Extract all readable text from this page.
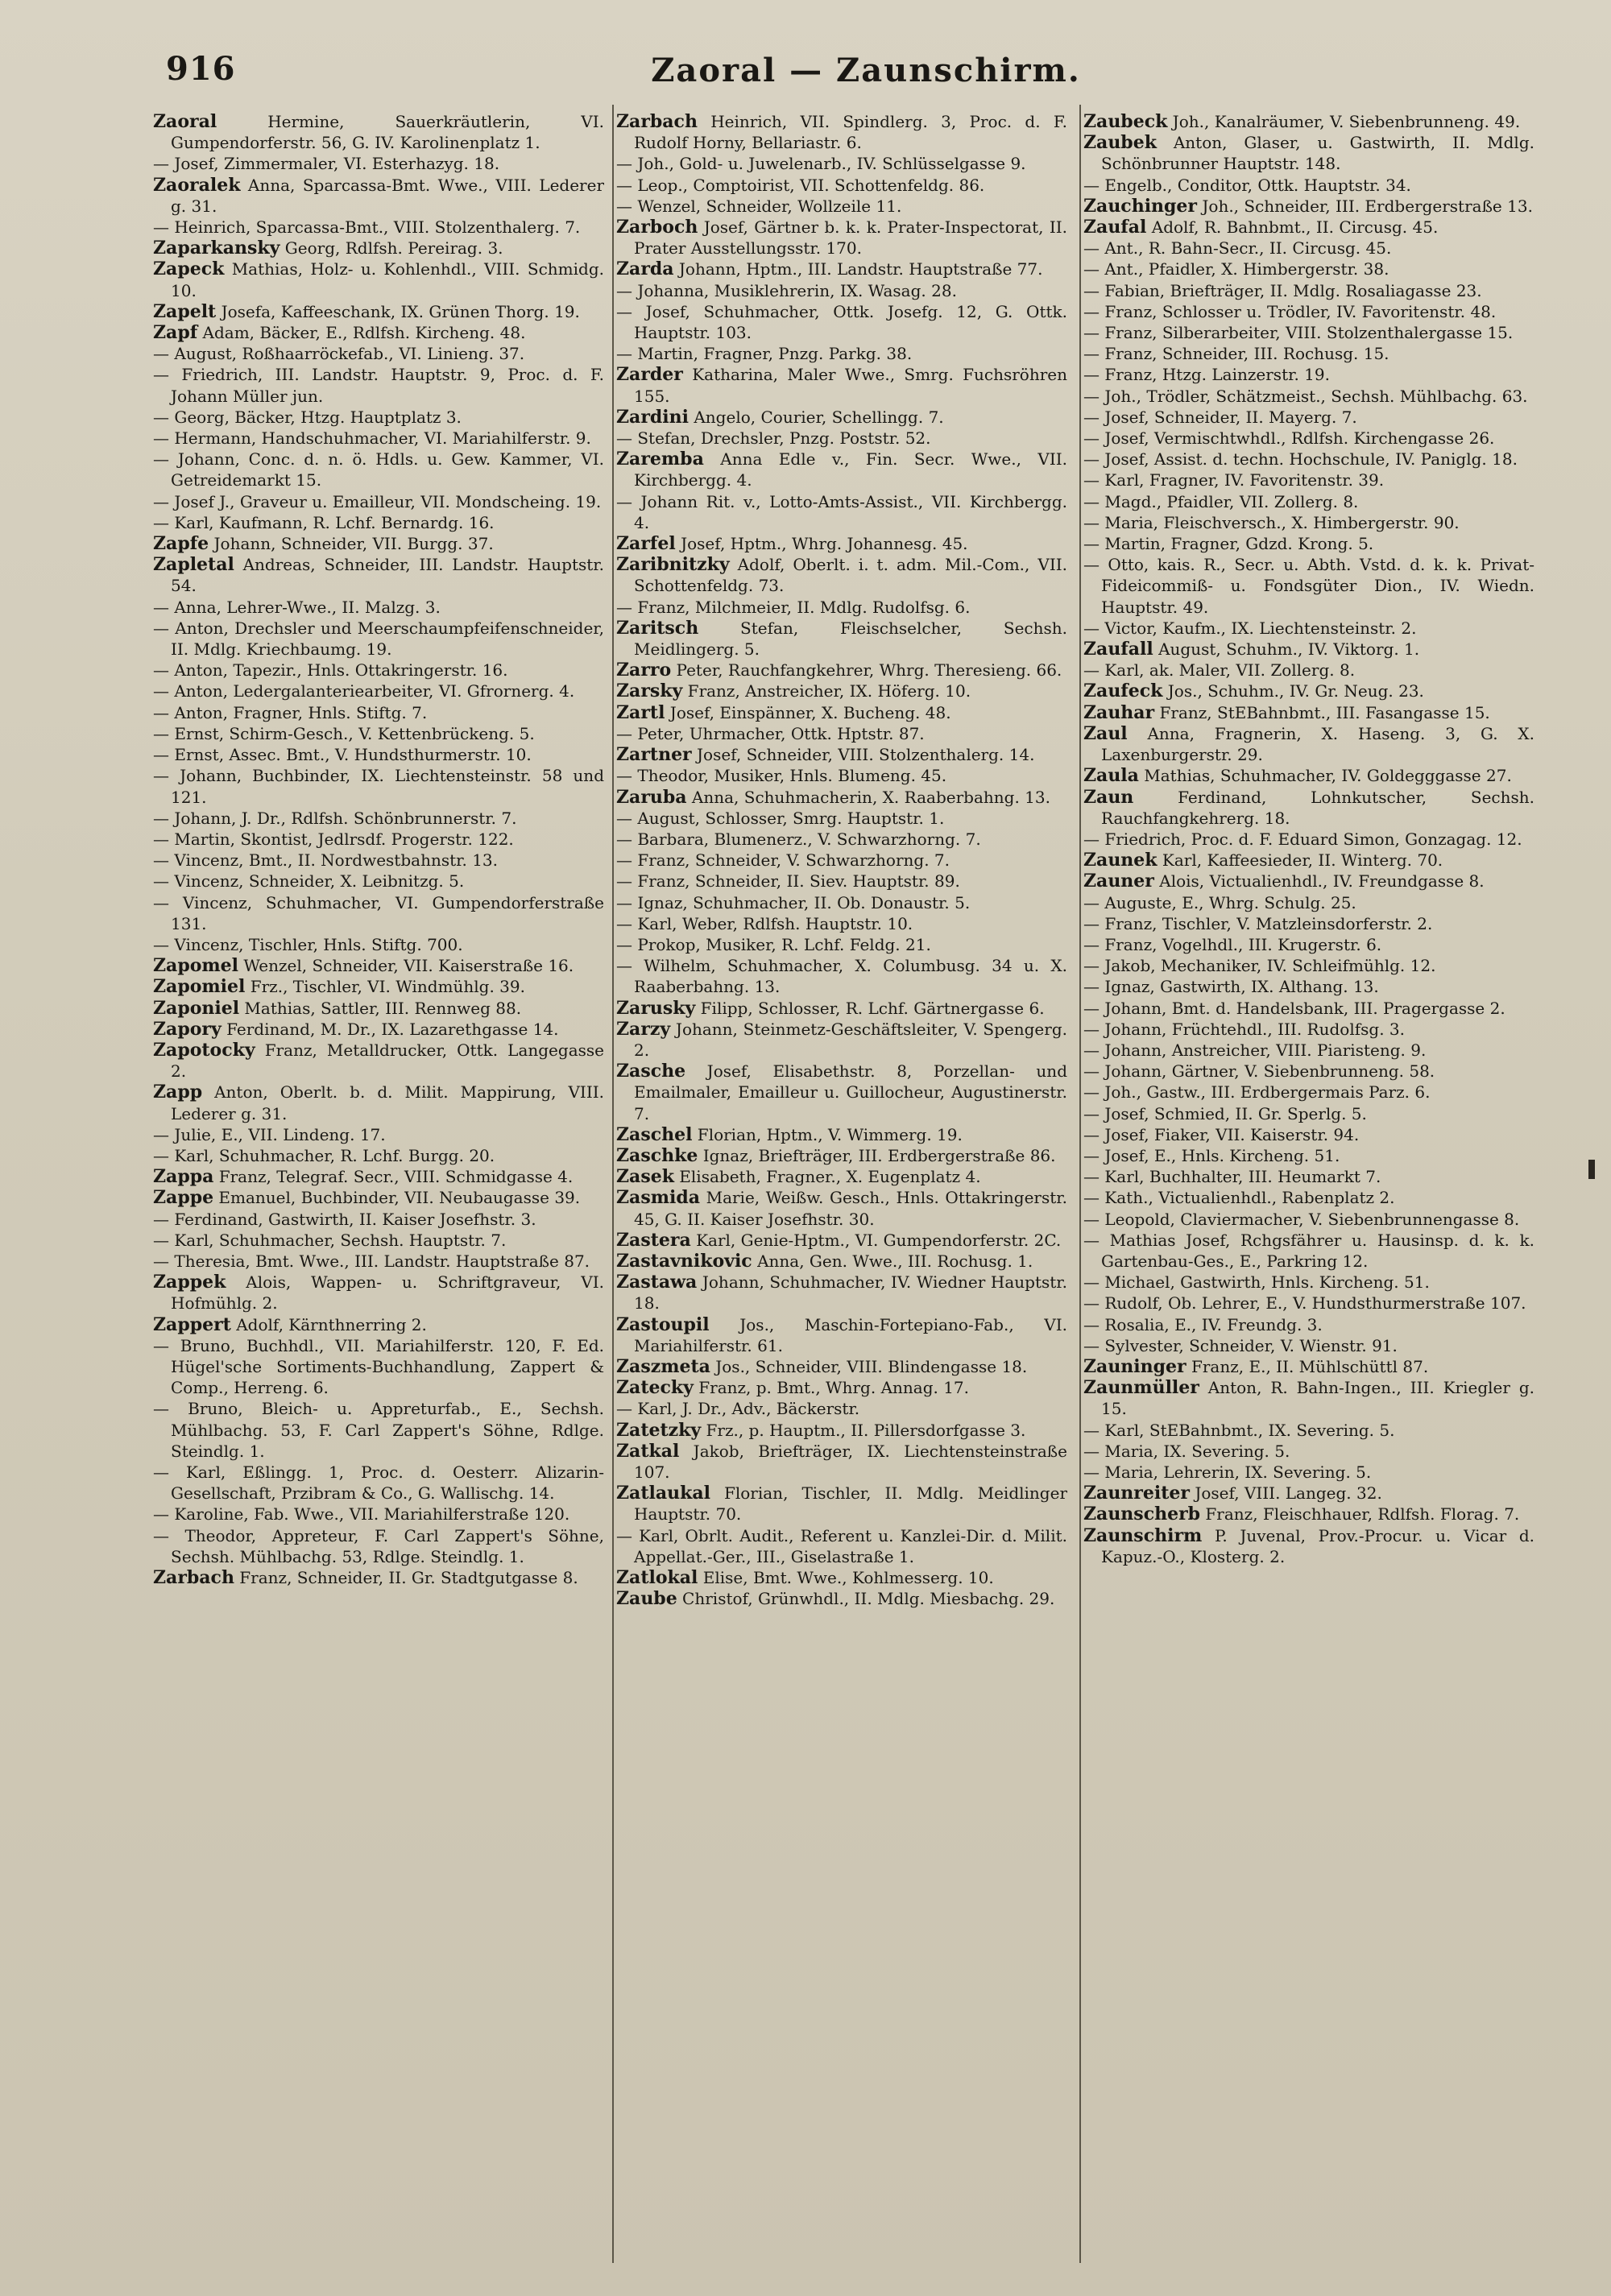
916	Zaoral — Zaunschirm.

Zaoral Hermine, Sauerkräutlerin, VI. Gumpendorferstr. 56, G. IV. Karolinenplatz 1.

— Josef, Zimmermaler, VI. Esterhazyg. 18.

Zaoralek Anna, Sparcassa-Bmt. Wwe., VIII. Lederer g. 31.

— Heinrich, Sparcassa-Bmt., VIII. Stolzenthalerg. 7.

Zaparkansky Georg, Rdlfsh. Pereirag. 3.

Zapeck Mathias, Holz- u. Kohlenhdl., VIII. Schmidg. 10.

Zapelt Josefa, Kaffeeschank, IX. Grünen Thorg. 19.

Zapf Adam, Bäcker, E., Rdlfsh. Kircheng. 48.

— August, Roßhaarröckefab., VI. Linieng. 37.

— Friedrich, III. Landstr. Hauptstr. 9, Proc. d. F. Johann Müller jun.

— Georg, Bäcker, Htzg. Hauptplatz 3.

— Hermann, Handschuhmacher, VI. Mariahilferstr. 9.

— Johann, Conc. d. n. ö. Hdls. u. Gew. Kammer, VI. Getreidemarkt 15.

— Josef J., Graveur u. Emailleur, VII. Mondscheing. 19.

— Karl, Kaufmann, R. Lchf. Bernardg. 16.

Zapfe Johann, Schneider, VII. Burgg. 37.

Zapletal Andreas, Schneider, III. Landstr. Hauptstr. 54.

— Anna, Lehrer-Wwe., II. Malzg. 3.

— Anton, Drechsler und Meerschaumpfeifenschneider, II. Mdlg. Kriechbaumg. 19.

— Anton, Tapezir., Hnls. Ottakringerstr. 16.

— Anton, Ledergalanteriearbeiter, VI. Gfrornerg. 4.

— Anton, Fragner, Hnls. Stiftg. 7.

— Ernst, Schirm-Gesch., V. Kettenbrückeng. 5.

— Ernst, Assec. Bmt., V. Hundsthurmerstr. 10.

— Johann, Buchbinder, IX. Liechtensteinstr. 58 und 121.

— Johann, J. Dr., Rdlfsh. Schönbrunnerstr. 7.

— Martin, Skontist, Jedlrsdf. Progerstr. 122.

— Vincenz, Bmt., II. Nordwestbahnstr. 13.

— Vincenz, Schneider, X. Leibnitzg. 5.

— Vincenz, Schuhmacher, VI. Gumpendorferstraße 131.

— Vincenz, Tischler, Hnls. Stiftg. 700.

Zapomel Wenzel, Schneider, VII. Kaiserstraße 16.

Zapomiel Frz., Tischler, VI. Windmühlg. 39.

Zaponiel Mathias, Sattler, III. Rennweg 88.

Zapory Ferdinand, M. Dr., IX. Lazarethgasse 14.

Zapotocky Franz, Metalldrucker, Ottk. Langegasse 2.

Zapp Anton, Oberlt. b. d. Milit. Mappirung, VIII. Lederer g. 31.

— Julie, E., VII. Lindeng. 17.

— Karl, Schuhmacher, R. Lchf. Burgg. 20.

Zappa Franz, Telegraf. Secr., VIII. Schmidgasse 4.

Zappe Emanuel, Buchbinder, VII. Neubaugasse 39.

— Ferdinand, Gastwirth, II. Kaiser Josefhstr. 3.

— Karl, Schuhmacher, Sechsh. Hauptstr. 7.

— Theresia, Bmt. Wwe., III. Landstr. Hauptstraße 87.

Zappek Alois, Wappen- u. Schriftgraveur, VI. Hofmühlg. 2.

Zappert Adolf, Kärnthnerring 2.

— Bruno, Buchhdl., VII. Mariahilferstr. 120, F. Ed. Hügel'sche Sortiments-Buchhandlung, Zappert & Comp., Herreng. 6.

— Bruno, Bleich- u. Appreturfab., E., Sechsh. Mühlbachg. 53, F. Carl Zappert's Söhne, Rdlge. Steindlg. 1.

— Karl, Eßlingg. 1, Proc. d. Oesterr. Alizarin-Gesellschaft, Przibram & Co., G. Wallischg. 14.

— Karoline, Fab. Wwe., VII. Mariahilferstraße 120.

— Theodor, Appreteur, F. Carl Zappert's Söhne, Sechsh. Mühlbachg. 53, Rdlge. Steindlg. 1.

Zarbach Franz, Schneider, II. Gr. Stadtgutgasse 8.

Zarbach Heinrich, VII. Spindlerg. 3, Proc. d. F. Rudolf Horny, Bellariastr. 6.

— Joh., Gold- u. Juwelenarb., IV. Schlüsselgasse 9.

— Leop., Comptoirist, VII. Schottenfeldg. 86.

— Wenzel, Schneider, Wollzeile 11.

Zarboch Josef, Gärtner b. k. k. Prater-Inspectorat, II. Prater Ausstellungsstr. 170.

Zarda Johann, Hptm., III. Landstr. Hauptstraße 77.

— Johanna, Musiklehrerin, IX. Wasag. 28.

— Josef, Schuhmacher, Ottk. Josefg. 12, G. Ottk. Hauptstr. 103.

— Martin, Fragner, Pnzg. Parkg. 38.

Zarder Katharina, Maler Wwe., Smrg. Fuchsröhren 155.

Zardini Angelo, Courier, Schellingg. 7.

— Stefan, Drechsler, Pnzg. Poststr. 52.

Zaremba Anna Edle v., Fin. Secr. Wwe., VII. Kirchbergg. 4.

— Johann Rit. v., Lotto-Amts-Assist., VII. Kirchbergg. 4.

Zarfel Josef, Hptm., Whrg. Johannesg. 45.

Zaribnitzky Adolf, Oberlt. i. t. adm. Mil.-Com., VII. Schottenfeldg. 73.

— Franz, Milchmeier, II. Mdlg. Rudolfsg. 6.

Zaritsch Stefan, Fleischselcher, Sechsh. Meidlingerg. 5.

Zarro Peter, Rauchfangkehrer, Whrg. Theresieng. 66.

Zarsky Franz, Anstreicher, IX. Höferg. 10.

Zartl Josef, Einspänner, X. Bucheng. 48.

— Peter, Uhrmacher, Ottk. Hptstr. 87.

Zartner Josef, Schneider, VIII. Stolzenthalerg. 14.

— Theodor, Musiker, Hnls. Blumeng. 45.

Zaruba Anna, Schuhmacherin, X. Raaberbahng. 13.

— August, Schlosser, Smrg. Hauptstr. 1.

— Barbara, Blumenerz., V. Schwarzhorng. 7.

— Franz, Schneider, V. Schwarzhorng. 7.

— Franz, Schneider, II. Siev. Hauptstr. 89.

— Ignaz, Schuhmacher, II. Ob. Donaustr. 5.

— Karl, Weber, Rdlfsh. Hauptstr. 10.

— Prokop, Musiker, R. Lchf. Feldg. 21.

— Wilhelm, Schuhmacher, X. Columbusg. 34 u. X. Raaberbahng. 13.

Zarusky Filipp, Schlosser, R. Lchf. Gärtnergasse 6.

Zarzy Johann, Steinmetz-Geschäftsleiter, V. Spengerg. 2.

Zasche Josef, Elisabethstr. 8, Porzellan- und Emailmaler, Emailleur u. Guillocheur, Augustinerstr. 7.

Zaschel Florian, Hptm., V. Wimmerg. 19.

Zaschke Ignaz, Briefträger, III. Erdbergerstraße 86.

Zasek Elisabeth, Fragner., X. Eugenplatz 4.

Zasmida Marie, Weißw. Gesch., Hnls. Ottakringerstr. 45, G. II. Kaiser Josefhstr. 30.

Zastera Karl, Genie-Hptm., VI. Gumpendorferstr. 2C.

Zastavnikovic Anna, Gen. Wwe., III. Rochusg. 1.

Zastawa Johann, Schuhmacher, IV. Wiedner Hauptstr. 18.

Zastoupil Jos., Maschin-Fortepiano-Fab., VI. Mariahilferstr. 61.

Zaszmeta Jos., Schneider, VIII. Blindengasse 18.

Zatecky Franz, p. Bmt., Whrg. Annag. 17.

— Karl, J. Dr., Adv., Bäckerstr.

Zatetzky Frz., p. Hauptm., II. Pillersdorfgasse 3.

Zatkal Jakob, Briefträger, IX. Liechtensteinstraße 107.

Zatlaukal Florian, Tischler, II. Mdlg. Meidlinger Hauptstr. 70.

— Karl, Obrlt. Audit., Referent u. Kanzlei-Dir. d. Milit. Appellat.-Ger., III., Giselastraße 1.

Zatlokal Elise, Bmt. Wwe., Kohlmesserg. 10.

Zaube Christof, Grünwhdl., II. Mdlg. Miesbachg. 29.

Zaubeck Joh., Kanalräumer, V. Siebenbrunneng. 49.

Zaubek Anton, Glaser, u. Gastwirth, II. Mdlg. Schönbrunner Hauptstr. 148.

— Engelb., Conditor, Ottk. Hauptstr. 34.

Zauchinger Joh., Schneider, III. Erdbergerstraße 13.

Zaufal Adolf, R. Bahnbmt., II. Circusg. 45.

— Ant., R. Bahn-Secr., II. Circusg. 45.

— Ant., Pfaidler, X. Himbergerstr. 38.

— Fabian, Briefträger, II. Mdlg. Rosaliagasse 23.

— Franz, Schlosser u. Trödler, IV. Favoritenstr. 48.

— Franz, Silberarbeiter, VIII. Stolzenthalergasse 15.

— Franz, Schneider, III. Rochusg. 15.

— Franz, Htzg. Lainzerstr. 19.

— Joh., Trödler, Schätzmeist., Sechsh. Mühlbachg. 63.

— Josef, Schneider, II. Mayerg. 7.

— Josef, Vermischtwhdl., Rdlfsh. Kirchengasse 26.

— Josef, Assist. d. techn. Hochschule, IV. Paniglg. 18.

— Karl, Fragner, IV. Favoritenstr. 39.

— Magd., Pfaidler, VII. Zollerg. 8.

— Maria, Fleischversch., X. Himbergerstr. 90.

— Martin, Fragner, Gdzd. Krong. 5.

— Otto, kais. R., Secr. u. Abth. Vstd. d. k. k. Privat-Fideicommiß- u. Fondsgüter Dion., IV. Wiedn. Hauptstr. 49.

— Victor, Kaufm., IX. Liechtensteinstr. 2.

Zaufall August, Schuhm., IV. Viktorg. 1.

— Karl, ak. Maler, VII. Zollerg. 8.

Zaufeck Jos., Schuhm., IV. Gr. Neug. 23.

Zauhar Franz, StEBahnbmt., III. Fasangasse 15.

Zaul Anna, Fragnerin, X. Haseng. 3, G. X. Laxenburgerstr. 29.

Zaula Mathias, Schuhmacher, IV. Goldegggasse 27.

Zaun Ferdinand, Lohnkutscher, Sechsh. Rauchfangkehrerg. 18.

— Friedrich, Proc. d. F. Eduard Simon, Gonzagag. 12.

Zaunek Karl, Kaffeesieder, II. Winterg. 70.

Zauner Alois, Victualienhdl., IV. Freundgasse 8.

— Auguste, E., Whrg. Schulg. 25.

— Franz, Tischler, V. Matzleinsdorferstr. 2.

— Franz, Vogelhdl., III. Krugerstr. 6.

— Jakob, Mechaniker, IV. Schleifmühlg. 12.

— Ignaz, Gastwirth, IX. Althang. 13.

— Johann, Bmt. d. Handelsbank, III. Pragergasse 2.

— Johann, Früchtehdl., III. Rudolfsg. 3.

— Johann, Anstreicher, VIII. Piaristeng. 9.

— Johann, Gärtner, V. Siebenbrunneng. 58.

— Joh., Gastw., III. Erdbergermais Parz. 6.

— Josef, Schmied, II. Gr. Sperlg. 5.

— Josef, Fiaker, VII. Kaiserstr. 94.

— Josef, E., Hnls. Kircheng. 51.

— Karl, Buchhalter, III. Heumarkt 7.

— Kath., Victualienhdl., Rabenplatz 2.

— Leopold, Claviermacher, V. Siebenbrunnengasse 8.

— Mathias Josef, Rchgsfährer u. Hausinsp. d. k. k. Gartenbau-Ges., E., Parkring 12.

— Michael, Gastwirth, Hnls. Kircheng. 51.

— Rudolf, Ob. Lehrer, E., V. Hundsthurmerstraße 107.

— Rosalia, E., IV. Freundg. 3.

— Sylvester, Schneider, V. Wienstr. 91.

Zauninger Franz, E., II. Mühlschüttl 87.

Zaunmüller Anton, R. Bahn-Ingen., III. Kriegler g. 15.

— Karl, StEBahnbmt., IX. Severing. 5.

— Maria, IX. Severing. 5.

— Maria, Lehrerin, IX. Severing. 5.

Zaunreiter Josef, VIII. Langeg. 32.

Zaunscherb Franz, Fleischhauer, Rdlfsh. Florag. 7.

Zaunschirm P. Juvenal, Prov.-Procur. u. Vicar d. Kapuz.-O., Klosterg. 2.
